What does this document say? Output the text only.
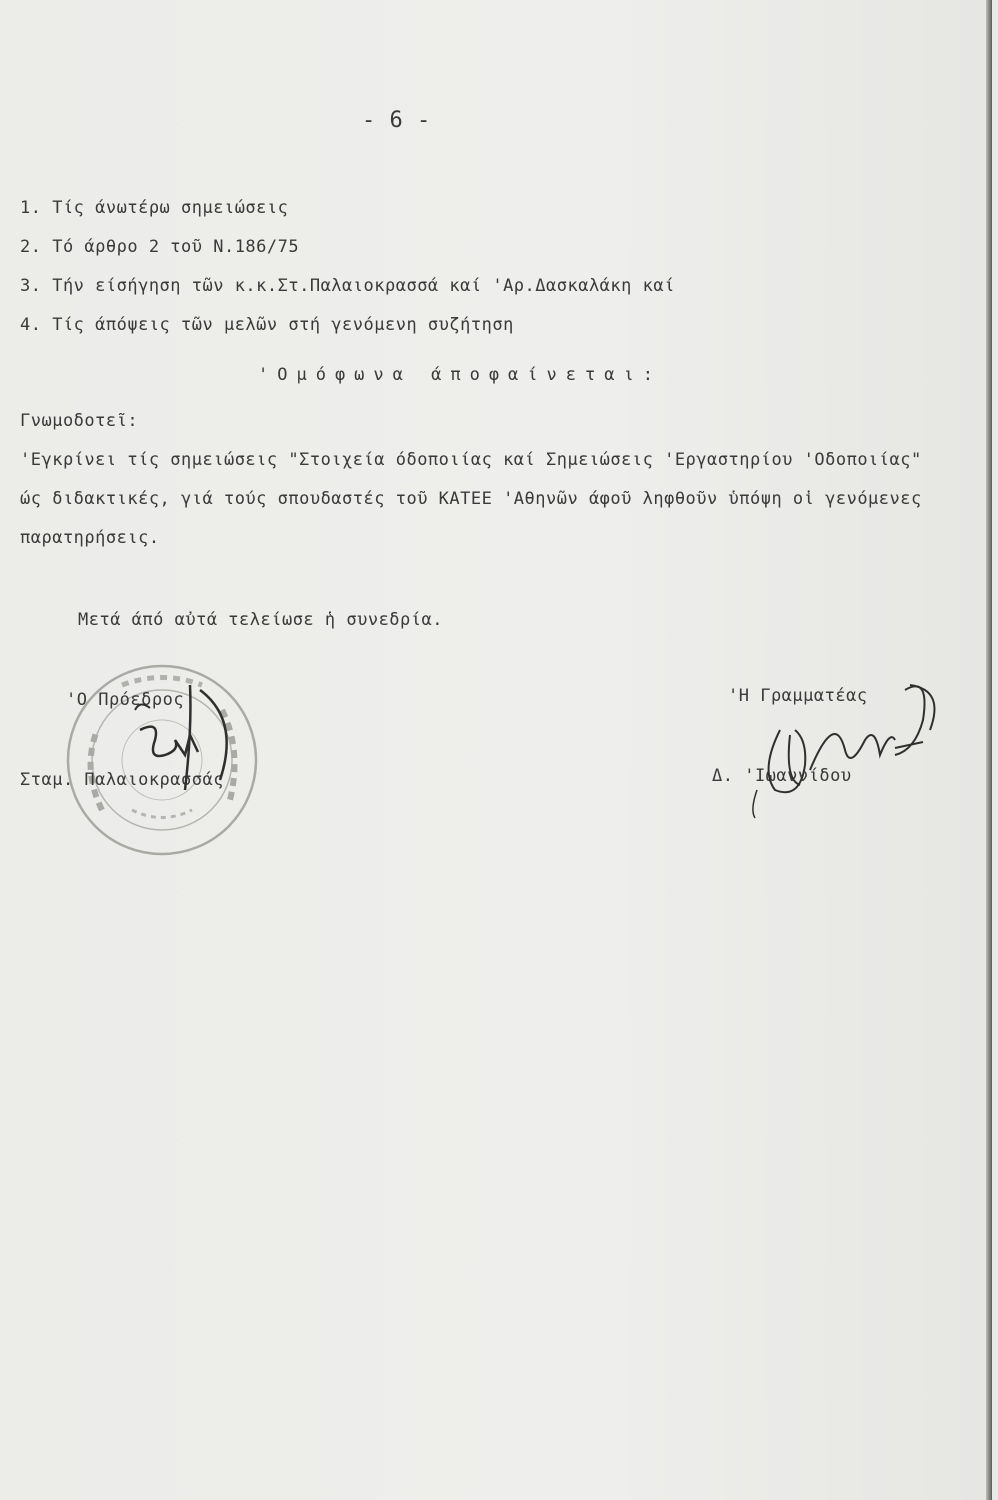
- 6 -
1. Τίς άνωτέρω σημειώσεις
2. Τό άρθρο 2 τοῦ Ν.186/75
3. Τήν είσήγηση τῶν κ.κ.Στ.Παλαιοκρασσά καί 'Αρ.Δασκαλάκη καί
4. Τίς άπόψεις τῶν μελῶν στή γενόμενη συζήτηση
'Ομόφωνα άποφαίνεται:
Γνωμοδοτεῖ:
'Εγκρίνει τίς σημειώσεις "Στοιχεία όδοποιίας καί Σημειώσεις 'Εργαστηρίου 'Οδοποιίας"
ώς διδακτικές, γιά τούς σπουδαστές τοῦ ΚΑΤΕΕ 'Αθηνῶν άφοῦ ληφθοῦν ὑπόψη οἱ γενόμενες
παρατηρήσεις.
Μετά άπό αὐτά τελείωσε ἡ συνεδρία.
'Ο Πρόεδρος
Σταμ. Παλαιοκρασσάς
'Η Γραμματέας
Δ. 'Ιωαννίδου
